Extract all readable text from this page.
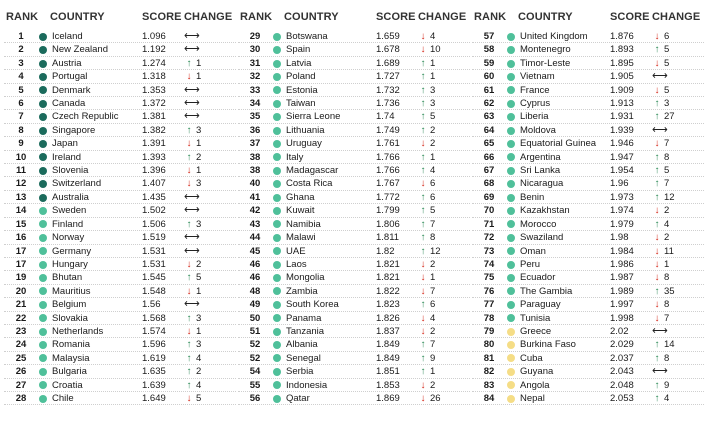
RANK COUNTRY	SCORE CHANGE
1	Iceland	1.096 ⟷
2	New Zealand	1.192 ⟷
3	Austria	1.274 ↑ 1
4	Portugal	1.318 ↓ 1
5	Denmark	1.353 ⟷
6	Canada	1.372 ⟷
7	Czech Republic 1.381 ⟷
8	Singapore	1.382 ↑ 3
9	Japan	1.391 ↓ 1
10	Ireland	1.393 ↑ 2
11	Slovenia	1.396 ↓ 1
12	Switzerland	1.407 ↓ 3
13	Australia	1.435 ⟷
14	Sweden	1.502 ⟷
15	Finland	1.506 ↑ 3
16	Norway	1.519 ⟷
17	Germany	1.531 ⟷
17	Hungary	1.531 ↓ 2
19	Bhutan	1.545 ↑ 5
20	Mauritius	1.548 ↓ 1
21	Belgium	1.56 ⟷
22	Slovakia	1.568 ↑ 3
23	Netherlands	1.574 ↓ 1
24	Romania	1.596 ↑ 3
25	Malaysia	1.619 ↑ 4
26	Bulgaria	1.635 ↑ 2
27	Croatia	1.639 ↑ 4
28	Chile	1.649 ↓ 5
RANK COUNTRY	SCORE CHANGE
29	Botswana	1.659 ↓ 4
30	Spain	1.678 ↓ 10
31	Latvia	1.689 ↑ 1
32	Poland	1.727 ↑ 1
33	Estonia	1.732 ↑ 3
34	Taiwan	1.736 ↑ 3
35	Sierra Leone	1.74	↑ 5
36	Lithuania	1.749 ↑ 2
37	Uruguay	1.761 ↓ 2
38	Italy	1.766 ↑ 1
38	Madagascar	1.766 ↑ 4
40	Costa Rica	1.767 ↓ 6
41	Ghana	1.772 ↑ 6
42	Kuwait	1.799 ↑ 5
43	Namibia	1.806 ↑ 7
44	Malawi	1.811 ↑ 8
45	UAE	1.82	↑ 12
46	Laos	1.821 ↓ 2
46	Mongolia	1.821 ↓ 1
48	Zambia	1.822 ↓ 7
49	South Korea	1.823 ↑ 6
50	Panama	1.826 ↓ 4
51	Tanzania	1.837 ↓ 2
52	Albania	1.849 ↑ 7
52	Senegal	1.849 ↑ 9
54	Serbia	1.851 ↑ 1
55	Indonesia	1.853 ↓ 2
56	Qatar	1.869 ↓ 26
RANK COUNTRY	SCORE CHANGE
57	United Kingdom 1.876 ↓ 6
58	Montenegro	1.893 ↑ 5
59	Timor-Leste	1.895 ↓ 5
60	Vietnam	1.905 ⟷
61	France	1.909 ↓ 5
62	Cyprus	1.913 ↑ 3
63	Liberia	1.931 ↑ 27
64	Moldova	1.939 ⟷
65	Equatorial Guinea 1.946 ↓ 7
66	Argentina	1.947 ↑ 8
67	Sri Lanka	1.954 ↑ 5
68	Nicaragua	1.96	↑ 7
69	Benin	1.973 ↑ 12
70	Kazakhstan	1.974 ↓ 2
71	Morocco	1.979 ↑ 4
72	Swaziland	1.98	↓ 2
73	Oman	1.984 ↓ 11
74	Peru	1.986 ↓ 1
75	Ecuador	1.987 ↓ 8
76	The Gambia	1.989 ↑ 35
77	Paraguay	1.997 ↓ 8
78	Tunisia	1.998 ↓ 7
79	Greece	2.02 ⟷
80	Burkina Faso	2.029 ↑ 14
81	Cuba	2.037 ↑ 8
82	Guyana	2.043 ⟷
83	Angola	2.048 ↑ 9
84	Nepal	2.053 ↑ 4
